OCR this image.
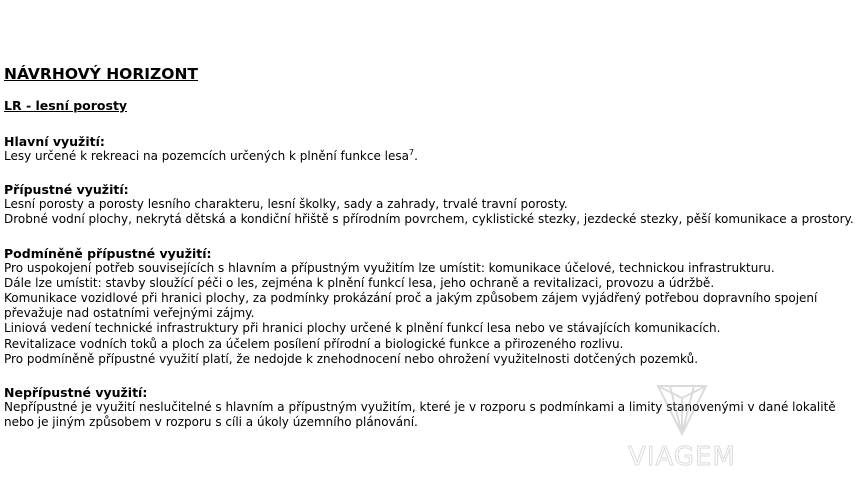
NÁVRHOVÝ HORIZONT
LR - lesní porosty
Hlavní využití:
Lesy určené k rekreaci na pozemcích určených k plnění funkce lesa$^7$.
Přípustné využití:
Lesní porosty a porosty lesního charakteru, lesní školky, sady a zahrady, trvalé travní porosty.
Drobné vodní plochy, nekrytá dětská a kondiční hřiště s přírodním povrchem, cyklistické stezky, jezdecké stezky, pěší komunikace a prostory.
Podmíněně přípustné využití:
Pro uspokojení potřeb souvisejících s hlavním a přípustným využitím lze umístit: komunikace účelové, technickou infrastrukturu.
Dále lze umístit: stavby sloužící péči o les, zejména k plnění funkcí lesa, jeho ochraně a revitalizaci, provozu a údržbě.
Komunikace vozidlové při hranici plochy, za podmínky prokázání proč a jakým způsobem zájem vyjádřený potřebou dopravního spojení
převažuje nad ostatními veřejnými zájmy.
Liniová vedení technické infrastruktury při hranici plochy určené k plnění funkcí lesa nebo ve stávajících komunikacích.
Revitalizace vodních toků a ploch za účelem posílení přírodní a biologické funkce a přirozeného rozlivu.
Pro podmíněně přípustné využití platí, že nedojde k znehodnocení nebo ohrožení využitelnosti dotčených pozemků.
Nepřípustné využití:
Nepřípustné je využití neslučitelné s hlavním a přípustným využitím, které je v rozporu s podmínkami a limity stanovenými v dané lokalitě
nebo je jiným způsobem v rozporu s cíli a úkoly územního plánování.
VIAGEM
